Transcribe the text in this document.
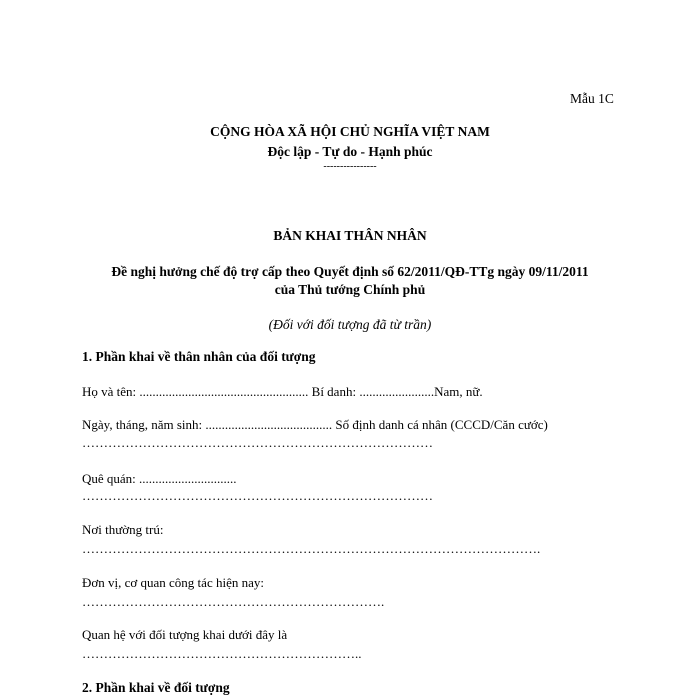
Mẫu 1C
CỘNG HÒA XÃ HỘI CHỦ NGHĨA VIỆT NAM
Độc lập - Tự do - Hạnh phúc
----------------
BẢN KHAI THÂN NHÂN
Đề nghị hưởng chế độ trợ cấp theo Quyết định số 62/2011/QĐ-TTg ngày 09/11/2011
của Thủ tướng Chính phủ
(Đối với đối tượng đã từ trần)
1. Phần khai về thân nhân của đối tượng
Họ và tên: .................................................... Bí danh: .......................Nam, nữ.
Ngày, tháng, năm sinh: ....................................... Số định danh cá nhân (CCCD/Căn cước)
………………………………………………………………………
Quê quán: ..............................
………………………………………………………………………
Nơi thường trú:
…………………………………………………………………………………………….
Đơn vị, cơ quan công tác hiện nay:
…………………………………………………………….
Quan hệ với đối tượng khai dưới đây là
………………………………………………………..
2. Phần khai về đối tượng
